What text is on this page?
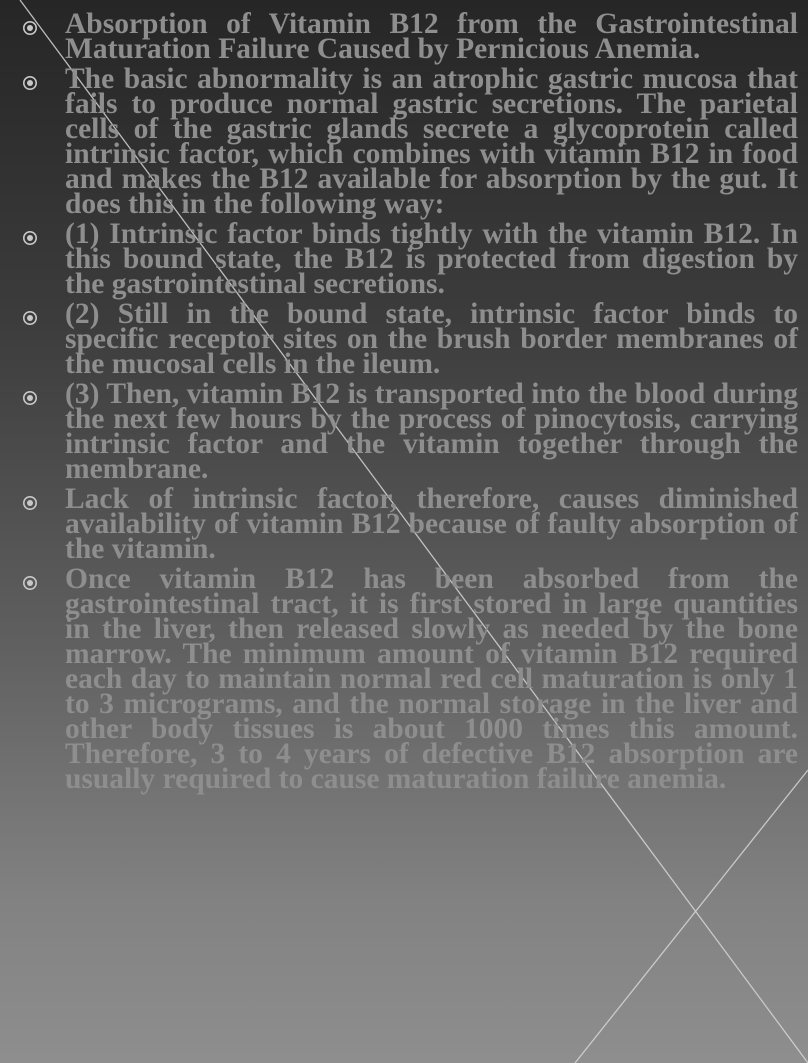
Absorption of Vitamin B12 from the Gastrointestinal Maturation Failure Caused by Pernicious Anemia.
The basic abnormality is an atrophic gastric mucosa that fails to produce normal gastric secretions. The parietal cells of the gastric glands secrete a glycoprotein called intrinsic factor, which combines with vitamin B12 in food and makes the B12 available for absorption by the gut. It does this in the following way:
(1) Intrinsic factor binds tightly with the vitamin B12. In this bound state, the B12 is protected from digestion by the gastrointestinal secretions.
(2) Still in the bound state, intrinsic factor binds to specific receptor sites on the brush border membranes of the mucosal cells in the ileum.
(3) Then, vitamin B12 is transported into the blood during the next few hours by the process of pinocytosis, carrying intrinsic factor and the vitamin together through the membrane.
Lack of intrinsic factor, therefore, causes diminished availability of vitamin B12 because of faulty absorption of the vitamin.
Once vitamin B12 has been absorbed from the gastrointestinal tract, it is first stored in large quantities in the liver, then released slowly as needed by the bone marrow. The minimum amount of vitamin B12 required each day to maintain normal red cell maturation is only 1 to 3 micrograms, and the normal storage in the liver and other body tissues is about 1000 times this amount. Therefore, 3 to 4 years of defective B12 absorption are usually required to cause maturation failure anemia.
